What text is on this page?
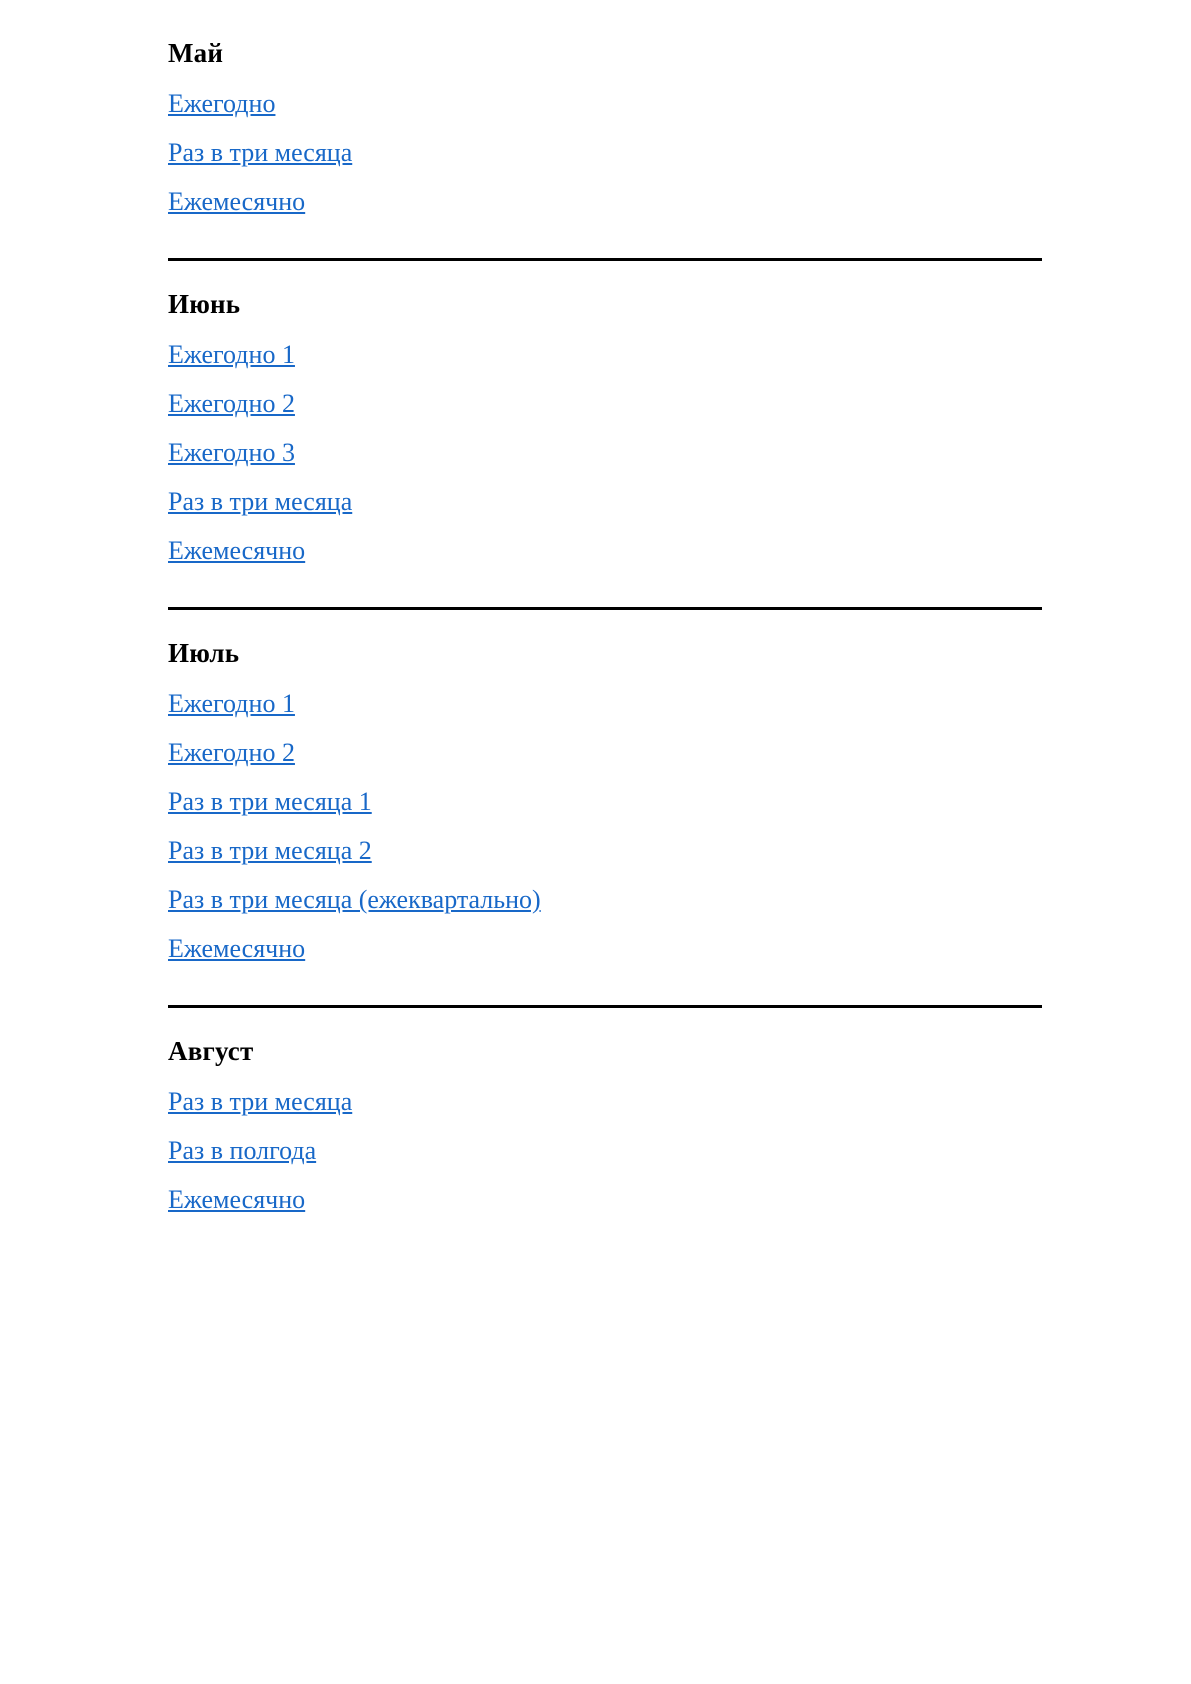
Май
Ежегодно
Раз в три месяца
Ежемесячно
Июнь
Ежегодно 1
Ежегодно 2
Ежегодно 3
Раз в три месяца
Ежемесячно
Июль
Ежегодно 1
Ежегодно 2
Раз в три месяца 1
Раз в три месяца 2
Раз в три месяца (ежеквартально)
Ежемесячно
Август
Раз в три месяца
Раз в полгода
Ежемесячно
